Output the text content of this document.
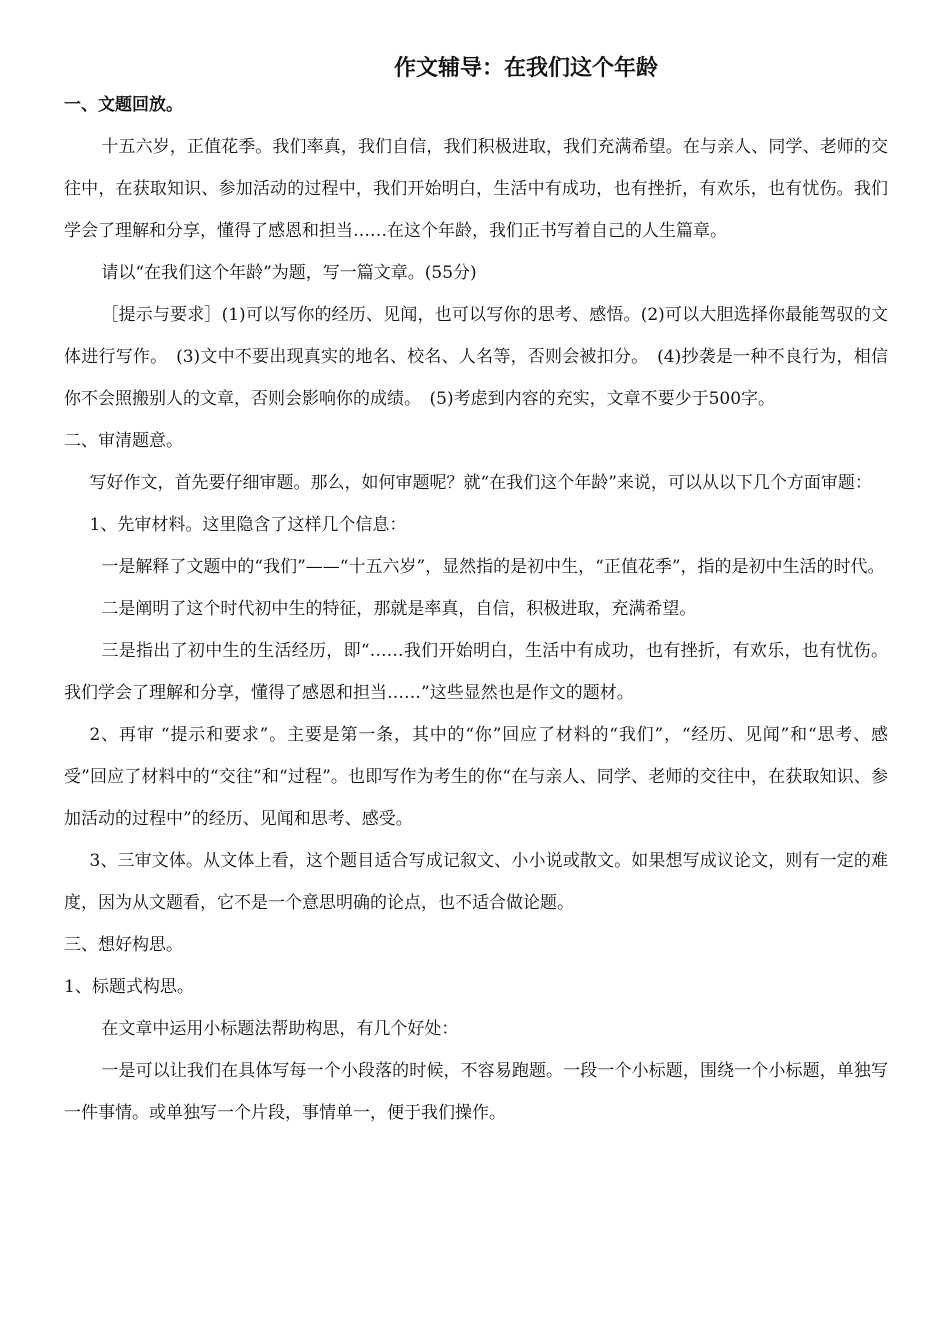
作文辅导：在我们这个年龄

一、文题回放。

十五六岁，正值花季。我们率真，我们自信，我们积极进取，我们充满希望。在与亲人、同学、老师的交往中，在获取知识、参加活动的过程中，我们开始明白，生活中有成功，也有挫折，有欢乐，也有忧伤。我们学会了理解和分享，懂得了感恩和担当……在这个年龄，我们正书写着自己的人生篇章。

请以“在我们这个年龄”为题，写一篇文章。(55分)

［提示与要求］(1)可以写你的经历、见闻，也可以写你的思考、感悟。(2)可以大胆选择你最能驾驭的文体进行写作。　(3)文中不要出现真实的地名、校名、人名等，否则会被扣分。　(4)抄袭是一种不良行为，相信你不会照搬别人的文章，否则会影响你的成绩。　(5)考虑到内容的充实，文章不要少于500字。

二、审清题意。

写好作文，首先要仔细审题。那么，如何审题呢？就“在我们这个年龄”来说，可以从以下几个方面审题：

1、先审材料。这里隐含了这样几个信息：

一是解释了文题中的“我们”——“十五六岁”，显然指的是初中生，“正值花季”，指的是初中生活的时代。

二是阐明了这个时代初中生的特征，那就是率真，自信，积极进取，充满希望。

三是指出了初中生的生活经历，即“……我们开始明白，生活中有成功，也有挫折，有欢乐，也有忧伤。我们学会了理解和分享，懂得了感恩和担当……”这些显然也是作文的题材。

2、再审 “提示和要求”。主要是第一条，其中的“你”回应了材料的“我们”，“经历、见闻”和“思考、感受”回应了材料中的“交往”和“过程”。也即写作为考生的你“在与亲人、同学、老师的交往中，在获取知识、参加活动的过程中”的经历、见闻和思考、感受。

3、三审文体。从文体上看，这个题目适合写成记叙文、小小说或散文。如果想写成议论文，则有一定的难度，因为从文题看，它不是一个意思明确的论点，也不适合做论题。

三、想好构思。

1、标题式构思。

在文章中运用小标题法帮助构思，有几个好处：

一是可以让我们在具体写每一个小段落的时候，不容易跑题。一段一个小标题，围绕一个小标题，单独写一件事情。或单独写一个片段，事情单一，便于我们操作。
